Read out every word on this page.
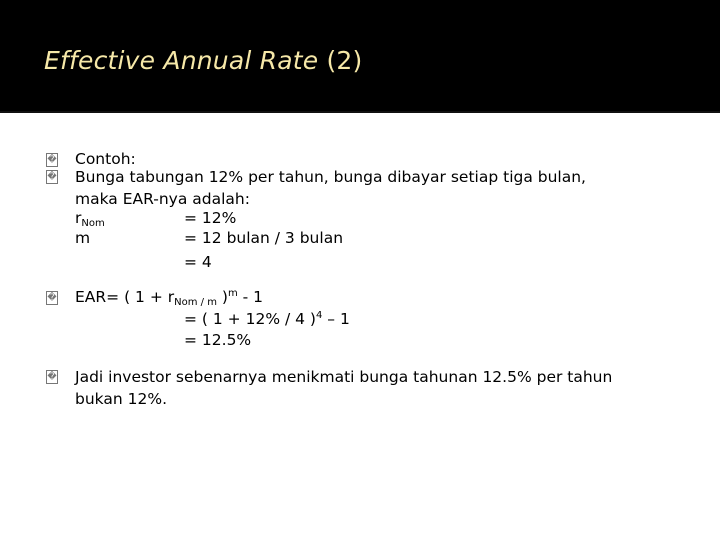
Effective Annual Rate (2)
� Contoh:
� Bunga tabungan 12% per tahun, bunga dibayar setiap tiga bulan,
maka EAR-nya adalah:
$r_{Nom}$	= 12%
m	= 12 bulan / 3 bulan
= 4
� EAR= ( $1 + r_{Nom / m}$ )$^m$ - 1
= ( 1 + 12% / 4 )$^4$ – 1
= 12.5%
� Jadi investor sebenarnya menikmati bunga tahunan 12.5% per tahun
bukan 12%.
